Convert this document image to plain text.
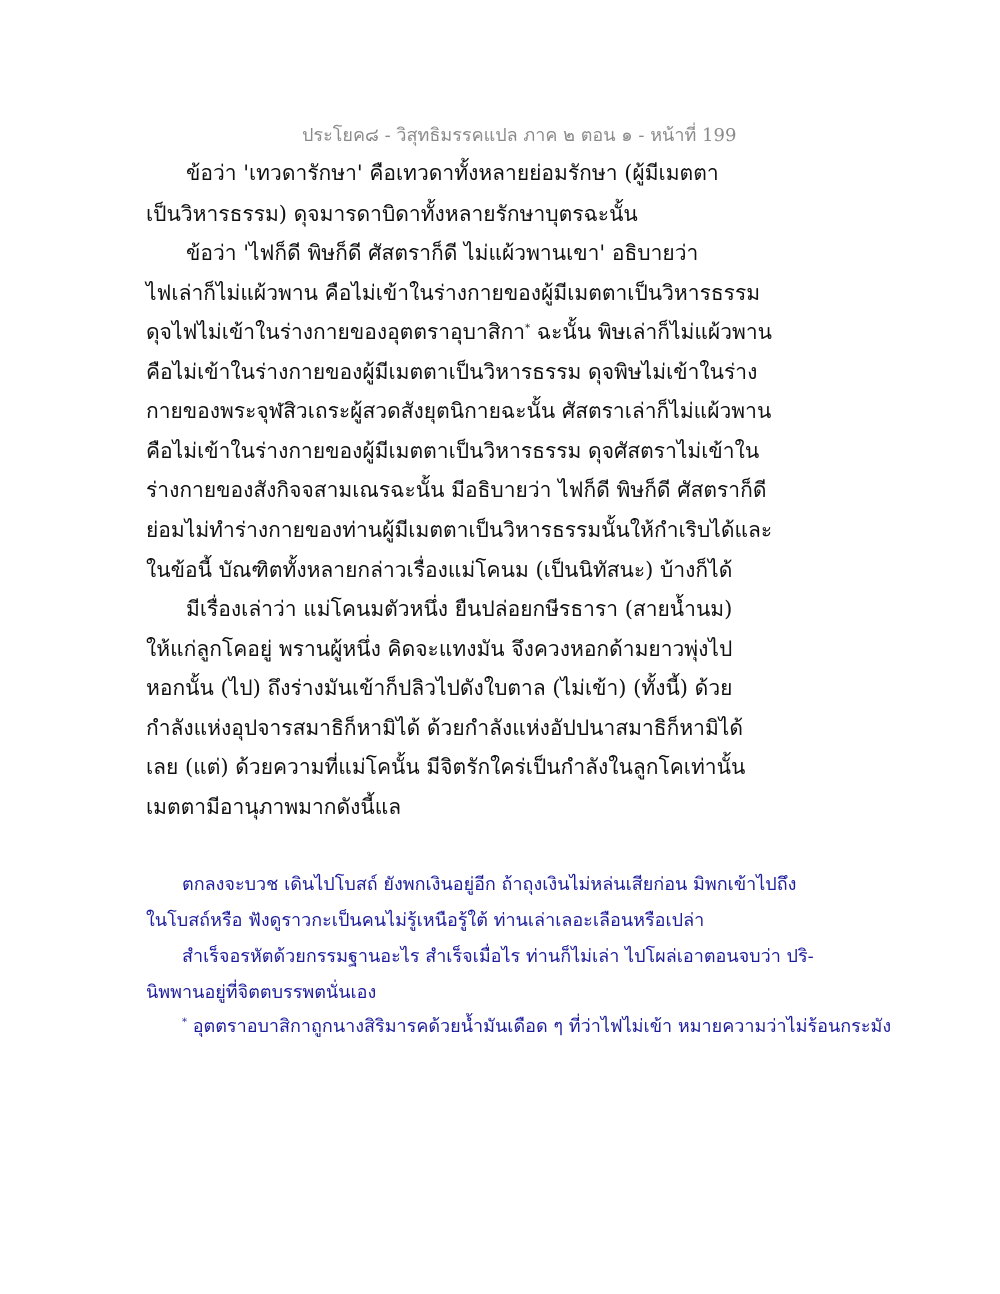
ประโยค๘ - วิสุทธิมรรคแปล ภาค ๒ ตอน ๑ - หน้าที่ 199
ข้อว่า 'เทวดารักษา' คือเทวดาทั้งหลายย่อมรักษา (ผู้มีเมตตา
เป็นวิหารธรรม) ดุจมารดาบิดาทั้งหลายรักษาบุตรฉะนั้น
ข้อว่า 'ไฟก็ดี พิษก็ดี ศัสตราก็ดี ไม่แผ้วพานเขา' อธิบายว่า
ไฟเล่าก็ไม่แผ้วพาน คือไม่เข้าในร่างกายของผู้มีเมตตาเป็นวิหารธรรม
ดุจไฟไม่เข้าในร่างกายของอุตตราอุบาสิกา* ฉะนั้น พิษเล่าก็ไม่แผ้วพาน
คือไม่เข้าในร่างกายของผู้มีเมตตาเป็นวิหารธรรม ดุจพิษไม่เข้าในร่าง
กายของพระจุฬสิวเถระผู้สวดสังยุตนิกายฉะนั้น ศัสตราเล่าก็ไม่แผ้วพาน
คือไม่เข้าในร่างกายของผู้มีเมตตาเป็นวิหารธรรม ดุจศัสตราไม่เข้าใน
ร่างกายของสังกิจจสามเณรฉะนั้น มีอธิบายว่า ไฟก็ดี พิษก็ดี ศัสตราก็ดี
ย่อมไม่ทำร่างกายของท่านผู้มีเมตตาเป็นวิหารธรรมนั้นให้กำเริบได้และ
ในข้อนี้ บัณฑิตทั้งหลายกล่าวเรื่องแม่โคนม (เป็นนิทัสนะ) บ้างก็ได้
มีเรื่องเล่าว่า แม่โคนมตัวหนึ่ง ยืนปล่อยกษีรธารา (สายน้ำนม)
ให้แก่ลูกโคอยู่ พรานผู้หนึ่ง คิดจะแทงมัน จึงควงหอกด้ามยาวพุ่งไป
หอกนั้น (ไป) ถึงร่างมันเข้าก็ปลิวไปดังใบตาล (ไม่เข้า) (ทั้งนี้) ด้วย
กำลังแห่งอุปจารสมาธิก็หามิได้ ด้วยกำลังแห่งอัปปนาสมาธิก็หามิได้
เลย (แต่) ด้วยความที่แม่โคนั้น มีจิตรักใคร่เป็นกำลังในลูกโคเท่านั้น
เมตตามีอานุภาพมากดังนี้แล
ตกลงจะบวช เดินไปโบสถ์ ยังพกเงินอยู่อีก ถ้าถุงเงินไม่หล่นเสียก่อน มิพกเข้าไปถึง
ในโบสถ์หรือ ฟังดูราวกะเป็นคนไม่รู้เหนือรู้ใต้ ท่านเล่าเลอะเลือนหรือเปล่า
สำเร็จอรหัตด้วยกรรมฐานอะไร สำเร็จเมื่อไร ท่านก็ไม่เล่า ไปโผล่เอาตอนจบว่า ปริ-
นิพพานอยู่ที่จิตตบรรพตนั่นเอง
* อุตตราอบาสิกาถูกนางสิริมารคด้วยน้ำมันเดือด ๆ ที่ว่าไฟไม่เข้า หมายความว่าไม่ร้อนกระมัง
